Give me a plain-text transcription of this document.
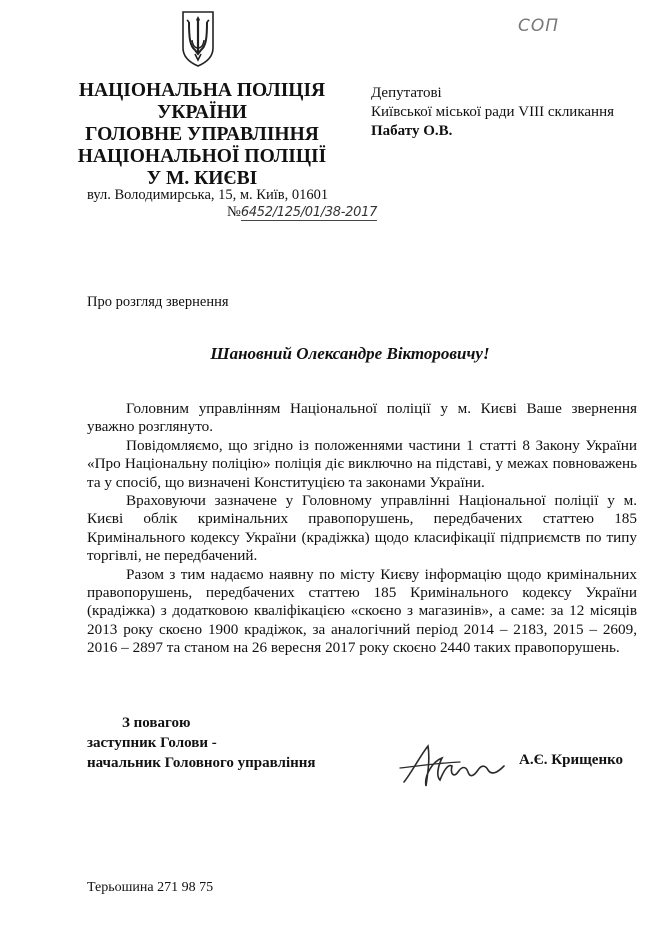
НАЦІОНАЛЬНА ПОЛІЦІЯ
УКРАЇНИ
ГОЛОВНЕ УПРАВЛІННЯ
НАЦІОНАЛЬНОЇ ПОЛІЦІЇ
У М. КИЄВІ
вул. Володимирська, 15, м. Київ, 01601
№6452/125/01/38-2017
СОП
Депутатові
Київської міської ради VIII скликання
Пабату О.В.
Про розгляд звернення
Шановний Олександре Вікторовичу!

Головним управлінням Національної поліції у м. Києві Ваше звернення уважно розглянуто.

Повідомляємо, що згідно із положеннями частини 1 статті 8 Закону України «Про Національну поліцію» поліція діє виключно на підставі, у межах повноважень та у спосіб, що визначені Конституцією та законами України.

Враховуючи зазначене у Головному управлінні Національної поліції у м. Києві облік кримінальних правопорушень, передбачених статтею 185 Кримінального кодексу України (крадіжка) щодо класифікації підприємств по типу торгівлі, не передбачений.

Разом з тим надаємо наявну по місту Києву інформацію щодо кримінальних правопорушень, передбачених статтею 185 Кримінального кодексу України (крадіжка) з додатковою кваліфікацією «скоєно з магазинів», а саме: за 12 місяців 2013 року скоєно 1900 крадіжок, за аналогічний період 2014 – 2183, 2015 – 2609, 2016 – 2897 та станом на 26 вересня 2017 року скоєно 2440 таких правопорушень.

З повагою
заступник Голови -
начальник Головного управління	А.Є. Крищенко
Терьошина 271 98 75
